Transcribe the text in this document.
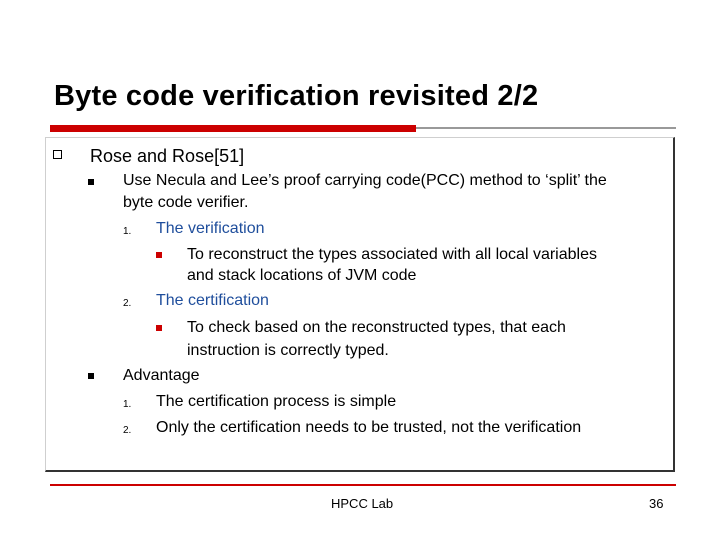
Byte code verification revisited 2/2
Rose and Rose[51]
Use Necula and Lee’s proof carrying code(PCC) method to ‘split’ the
byte code verifier.
1. The verification
To reconstruct the types associated with all local variables
and stack locations of JVM code
2. The certification
To check based on the reconstructed types, that each
instruction is correctly typed.
Advantage
1. The certification process is simple
2. Only the certification needs to be trusted, not the verification
HPCC Lab	36
